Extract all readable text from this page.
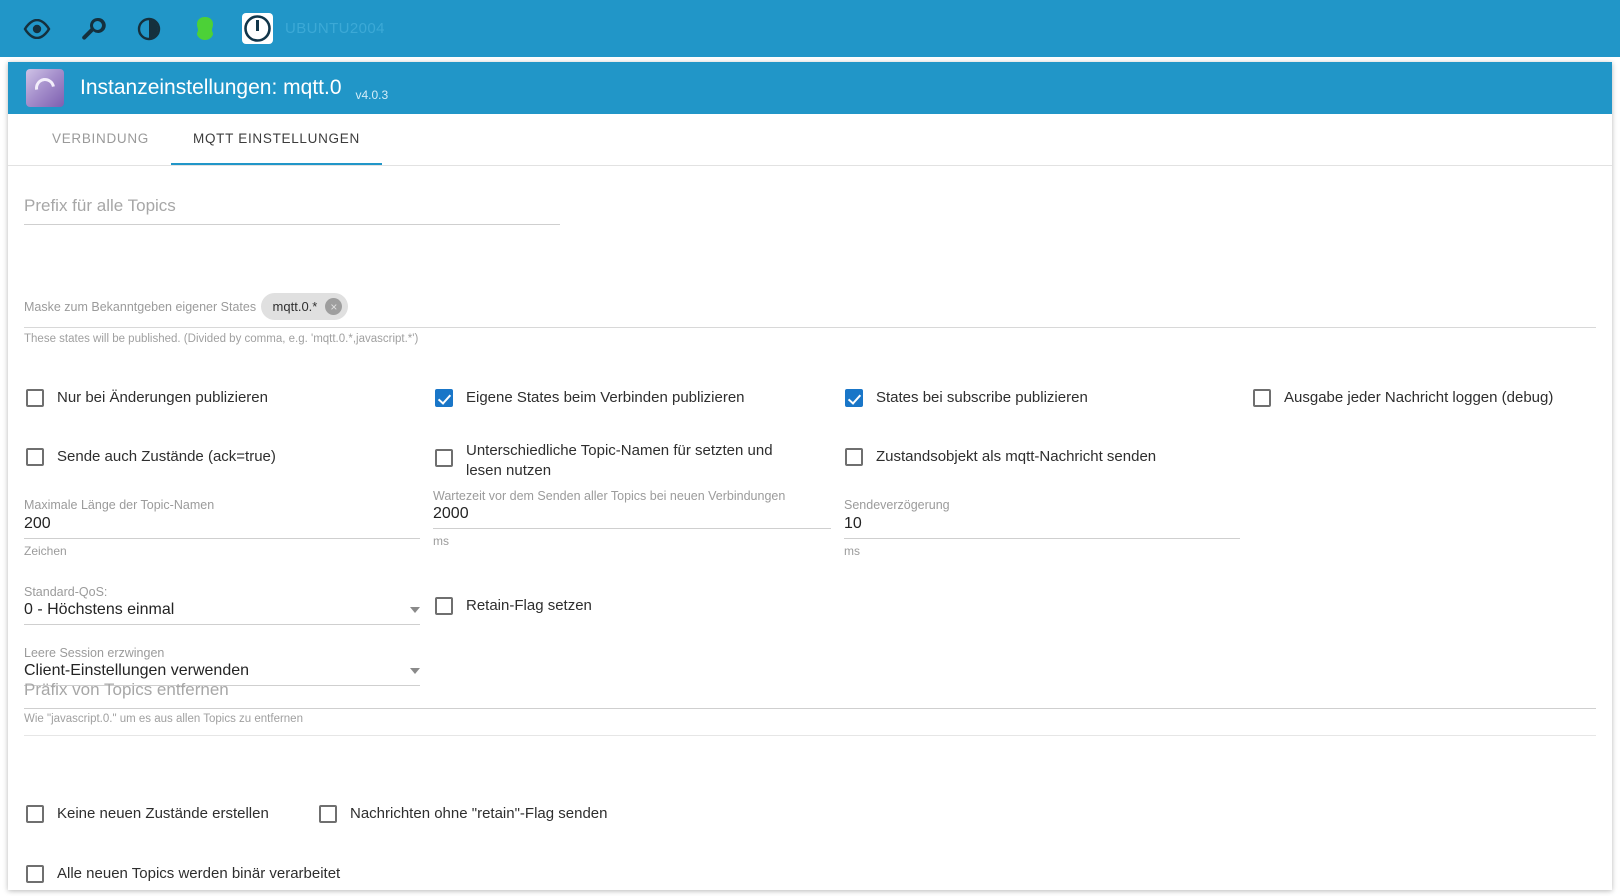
UBUNTU2004
Instanzeinstellungen: mqtt.0 v4.0.3
VERBINDUNG	MQTT EINSTELLUNGEN
Prefix für alle Topics
Maske zum Bekanntgeben eigener States mqtt.0.*	×
These states will be published. (Divided by comma, e.g. 'mqtt.0.*,javascript.*')
Nur bei Änderungen publizieren	Eigene States beim Verbinden publizieren	States bei subscribe publizieren	Ausgabe jeder Nachricht loggen (debug)
Sende auch Zustände (ack=true)	Unterschiedliche Topic-Namen für setzten und lesen nutzen
Zustandsobjekt als mqtt-Nachricht senden
Maximale Länge der Topic-Namen
200
Zeichen
Wartezeit vor dem Senden aller Topics bei neuen Verbindungen
2000
ms
Sendeverzögerung
10
ms
Standard-QoS:
0 - Höchstens einmal	Retain-Flag setzen
Leere Session erzwingen
Client-Einstellungen verwenden
Präfix von Topics entfernen
Wie "javascript.0." um es aus allen Topics zu entfernen
Keine neuen Zustände erstellen	Nachrichten ohne "retain"-Flag senden
Alle neuen Topics werden binär verarbeitet
